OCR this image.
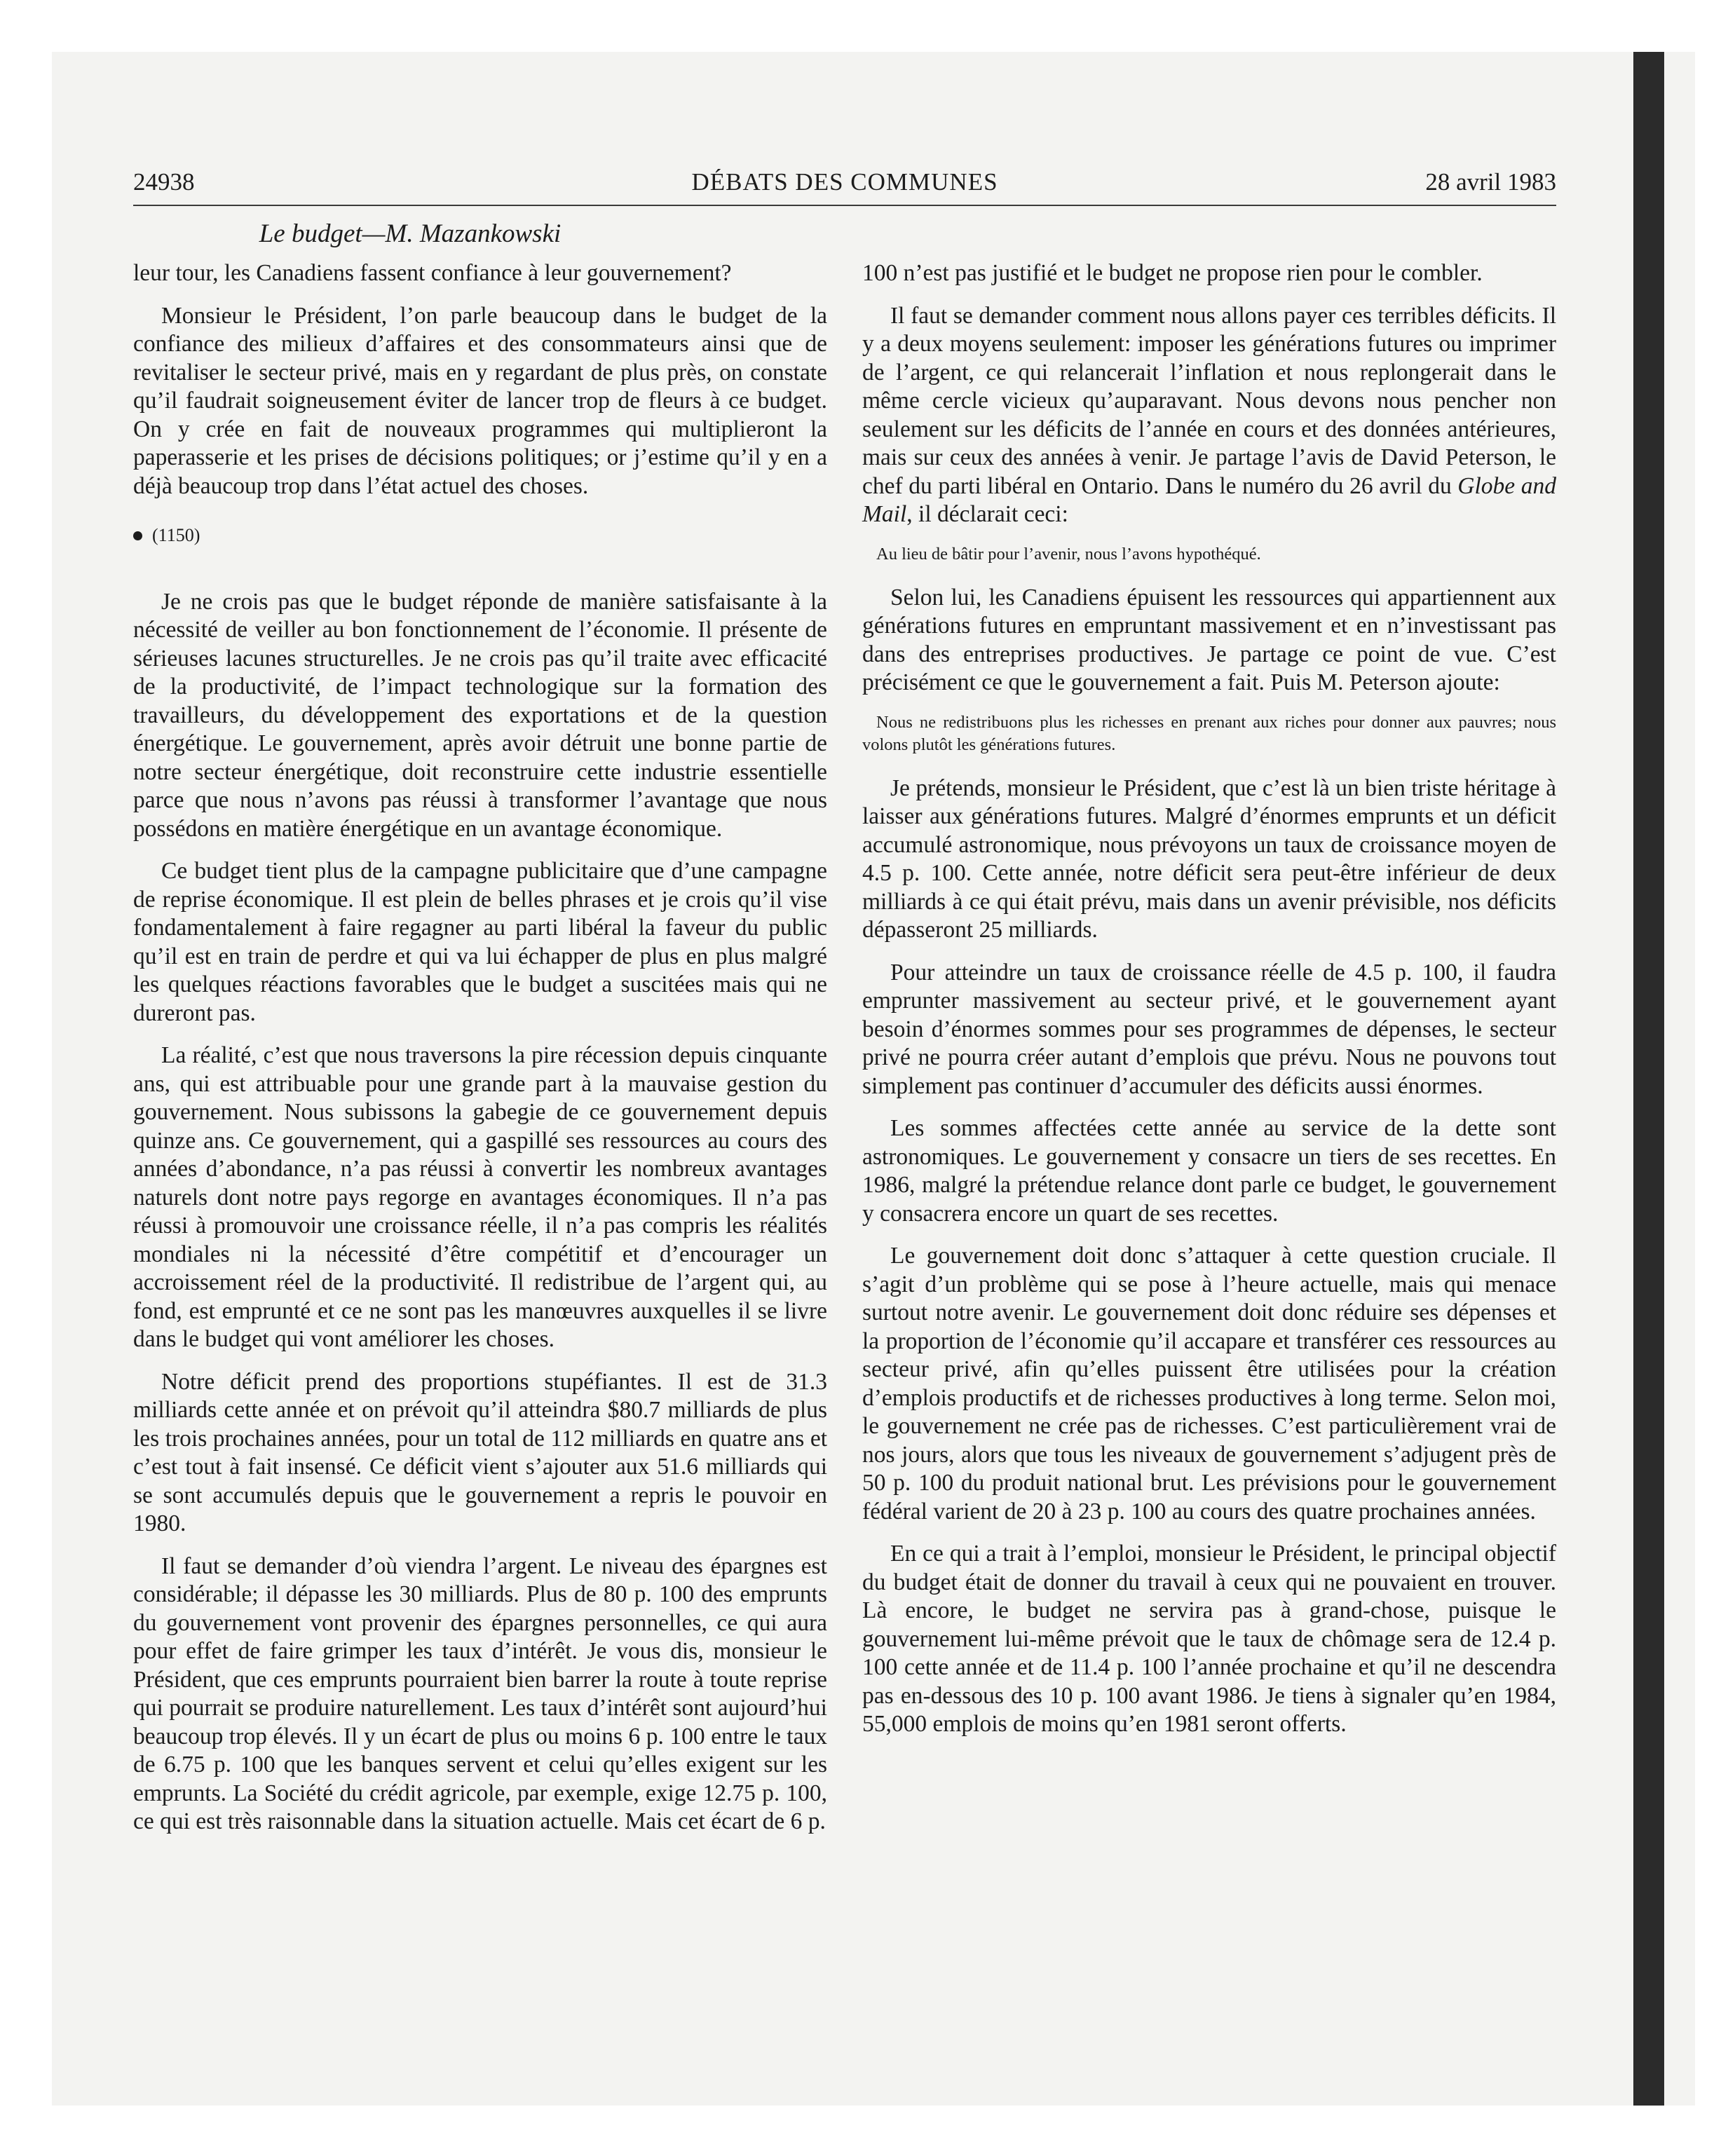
24938	DÉBATS DES COMMUNES	28 avril 1983
Le budget—M. Mazankowski

leur tour, les Canadiens fassent confiance à leur gouvernement?

Monsieur le Président, l’on parle beaucoup dans le budget de la confiance des milieux d’affaires et des consommateurs ainsi que de revitaliser le secteur privé, mais en y regardant de plus près, on constate qu’il faudrait soigneusement éviter de lancer trop de fleurs à ce budget. On y crée en fait de nouveaux programmes qui multiplieront la paperasserie et les prises de décisions politiques; or j’estime qu’il y en a déjà beaucoup trop dans l’état actuel des choses.

(1150)

Je ne crois pas que le budget réponde de manière satisfaisante à la nécessité de veiller au bon fonctionnement de l’économie. Il présente de sérieuses lacunes structurelles. Je ne crois pas qu’il traite avec efficacité de la productivité, de l’impact technologique sur la formation des travailleurs, du développement des exportations et de la question énergétique. Le gouvernement, après avoir détruit une bonne partie de notre secteur énergétique, doit reconstruire cette industrie essentielle parce que nous n’avons pas réussi à transformer l’avantage que nous possédons en matière énergétique en un avantage économique.

Ce budget tient plus de la campagne publicitaire que d’une campagne de reprise économique. Il est plein de belles phrases et je crois qu’il vise fondamentalement à faire regagner au parti libéral la faveur du public qu’il est en train de perdre et qui va lui échapper de plus en plus malgré les quelques réactions favorables que le budget a suscitées mais qui ne dureront pas.

La réalité, c’est que nous traversons la pire récession depuis cinquante ans, qui est attribuable pour une grande part à la mauvaise gestion du gouvernement. Nous subissons la gabegie de ce gouvernement depuis quinze ans. Ce gouvernement, qui a gaspillé ses ressources au cours des années d’abondance, n’a pas réussi à convertir les nombreux avantages naturels dont notre pays regorge en avantages économiques. Il n’a pas réussi à promouvoir une croissance réelle, il n’a pas compris les réalités mondiales ni la nécessité d’être compétitif et d’encourager un accroissement réel de la productivité. Il redistribue de l’argent qui, au fond, est emprunté et ce ne sont pas les manœuvres auxquelles il se livre dans le budget qui vont améliorer les choses.

Notre déficit prend des proportions stupéfiantes. Il est de 31.3 milliards cette année et on prévoit qu’il atteindra $80.7 milliards de plus les trois prochaines années, pour un total de 112 milliards en quatre ans et c’est tout à fait insensé. Ce déficit vient s’ajouter aux 51.6 milliards qui se sont accumulés depuis que le gouvernement a repris le pouvoir en 1980.

Il faut se demander d’où viendra l’argent. Le niveau des épargnes est considérable; il dépasse les 30 milliards. Plus de 80 p. 100 des emprunts du gouvernement vont provenir des épargnes personnelles, ce qui aura pour effet de faire grimper les taux d’intérêt. Je vous dis, monsieur le Président, que ces emprunts pourraient bien barrer la route à toute reprise qui pourrait se produire naturellement. Les taux d’intérêt sont aujourd’hui beaucoup trop élevés. Il y un écart de plus ou moins 6 p. 100 entre le taux de 6.75 p. 100 que les banques servent et celui qu’elles exigent sur les emprunts. La Société du crédit agricole, par exemple, exige 12.75 p. 100, ce qui est très raisonnable dans la situation actuelle. Mais cet écart de 6 p.

100 n’est pas justifié et le budget ne propose rien pour le combler.

Il faut se demander comment nous allons payer ces terribles déficits. Il y a deux moyens seulement: imposer les générations futures ou imprimer de l’argent, ce qui relancerait l’inflation et nous replongerait dans le même cercle vicieux qu’auparavant. Nous devons nous pencher non seulement sur les déficits de l’année en cours et des données antérieures, mais sur ceux des années à venir. Je partage l’avis de David Peterson, le chef du parti libéral en Ontario. Dans le numéro du 26 avril du Globe and Mail, il déclarait ceci:

Au lieu de bâtir pour l’avenir, nous l’avons hypothéqué.

Selon lui, les Canadiens épuisent les ressources qui appartiennent aux générations futures en empruntant massivement et en n’investissant pas dans des entreprises productives. Je partage ce point de vue. C’est précisément ce que le gouvernement a fait. Puis M. Peterson ajoute:

Nous ne redistribuons plus les richesses en prenant aux riches pour donner aux pauvres; nous volons plutôt les générations futures.

Je prétends, monsieur le Président, que c’est là un bien triste héritage à laisser aux générations futures. Malgré d’énormes emprunts et un déficit accumulé astronomique, nous prévoyons un taux de croissance moyen de 4.5 p. 100. Cette année, notre déficit sera peut-être inférieur de deux milliards à ce qui était prévu, mais dans un avenir prévisible, nos déficits dépasseront 25 milliards.

Pour atteindre un taux de croissance réelle de 4.5 p. 100, il faudra emprunter massivement au secteur privé, et le gouvernement ayant besoin d’énormes sommes pour ses programmes de dépenses, le secteur privé ne pourra créer autant d’emplois que prévu. Nous ne pouvons tout simplement pas continuer d’accumuler des déficits aussi énormes.

Les sommes affectées cette année au service de la dette sont astronomiques. Le gouvernement y consacre un tiers de ses recettes. En 1986, malgré la prétendue relance dont parle ce budget, le gouvernement y consacrera encore un quart de ses recettes.

Le gouvernement doit donc s’attaquer à cette question cruciale. Il s’agit d’un problème qui se pose à l’heure actuelle, mais qui menace surtout notre avenir. Le gouvernement doit donc réduire ses dépenses et la proportion de l’économie qu’il accapare et transférer ces ressources au secteur privé, afin qu’elles puissent être utilisées pour la création d’emplois productifs et de richesses productives à long terme. Selon moi, le gouvernement ne crée pas de richesses. C’est particulièrement vrai de nos jours, alors que tous les niveaux de gouvernement s’adjugent près de 50 p. 100 du produit national brut. Les prévisions pour le gouvernement fédéral varient de 20 à 23 p. 100 au cours des quatre prochaines années.

En ce qui a trait à l’emploi, monsieur le Président, le principal objectif du budget était de donner du travail à ceux qui ne pouvaient en trouver. Là encore, le budget ne servira pas à grand-chose, puisque le gouvernement lui-même prévoit que le taux de chômage sera de 12.4 p. 100 cette année et de 11.4 p. 100 l’année prochaine et qu’il ne descendra pas en-dessous des 10 p. 100 avant 1986. Je tiens à signaler qu’en 1984, 55,000 emplois de moins qu’en 1981 seront offerts.
